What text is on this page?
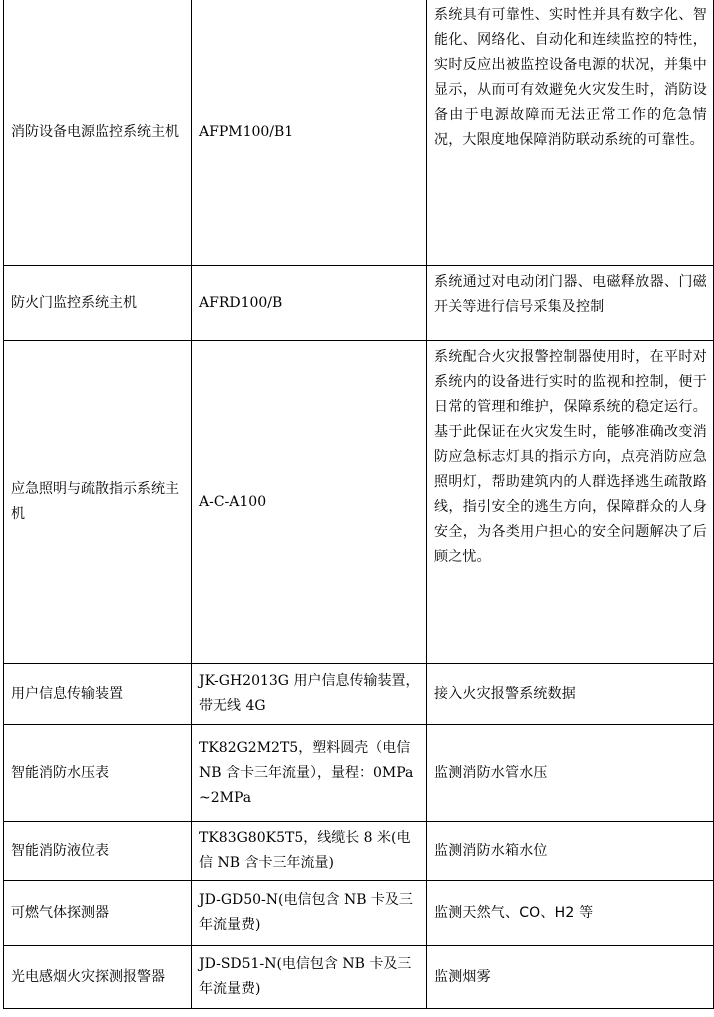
消防设备电源监控系统主机	AFPM100/B1	系统具有可靠性、实时性并具有数字化、智能化、网络化、自动化和连续监控的特性，实时反应出被监控设备电源的状况，并集中显示，从而可有效避免火灾发生时，消防设备由于电源故障而无法正常工作的危急情况，大限度地保障消防联动系统的可靠性。
防火门监控系统主机	AFRD100/B	系统通过对电动闭门器、电磁释放器、门磁开关等进行信号采集及控制
应急照明与疏散指示系统主机	A-C-A100	系统配合火灾报警控制器使用时，在平时对系统内的设备进行实时的监视和控制，便于日常的管理和维护，保障系统的稳定运行。基于此保证在火灾发生时，能够准确改变消防应急标志灯具的指示方向，点亮消防应急照明灯，帮助建筑内的人群选择逃生疏散路线，指引安全的逃生方向，保障群众的人身安全，为各类用户担心的安全问题解决了后顾之忧。
用户信息传输装置	JK-GH2013G 用户信息传输装置，带无线 4G	接入火灾报警系统数据
智能消防水压表	TK82G2M2T5，塑料圆壳（电信 NB 含卡三年流量），量程：0MPa~2MPa	监测消防水管水压
智能消防液位表	TK83G80K5T5，线缆长 8 米(电信 NB 含卡三年流量)	监测消防水箱水位
可燃气体探测器	JD-GD50-N(电信包含 NB 卡及三年流量费)	监测天然气、CO、H2 等
光电感烟火灾探测报警器	JD-SD51-N(电信包含 NB 卡及三年流量费)	监测烟雾
